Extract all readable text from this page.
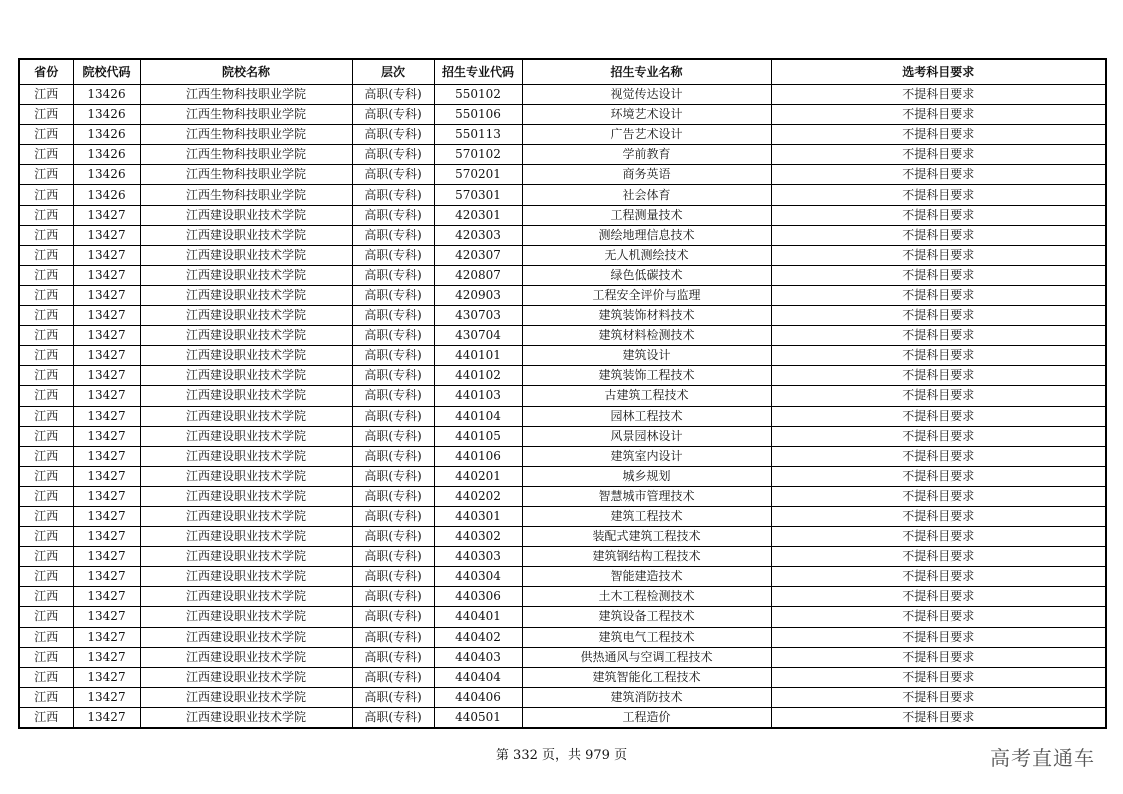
省份	院校代码	院校名称	层次	招生专业代码	招生专业名称	选考科目要求
江西	13426	江西生物科技职业学院	高职(专科)	550102	视觉传达设计	不提科目要求
江西	13426	江西生物科技职业学院	高职(专科)	550106	环境艺术设计	不提科目要求
江西	13426	江西生物科技职业学院	高职(专科)	550113	广告艺术设计	不提科目要求
江西	13426	江西生物科技职业学院	高职(专科)	570102	学前教育	不提科目要求
江西	13426	江西生物科技职业学院	高职(专科)	570201	商务英语	不提科目要求
江西	13426	江西生物科技职业学院	高职(专科)	570301	社会体育	不提科目要求
江西	13427	江西建设职业技术学院	高职(专科)	420301	工程测量技术	不提科目要求
江西	13427	江西建设职业技术学院	高职(专科)	420303	测绘地理信息技术	不提科目要求
江西	13427	江西建设职业技术学院	高职(专科)	420307	无人机测绘技术	不提科目要求
江西	13427	江西建设职业技术学院	高职(专科)	420807	绿色低碳技术	不提科目要求
江西	13427	江西建设职业技术学院	高职(专科)	420903	工程安全评价与监理	不提科目要求
江西	13427	江西建设职业技术学院	高职(专科)	430703	建筑装饰材料技术	不提科目要求
江西	13427	江西建设职业技术学院	高职(专科)	430704	建筑材料检测技术	不提科目要求
江西	13427	江西建设职业技术学院	高职(专科)	440101	建筑设计	不提科目要求
江西	13427	江西建设职业技术学院	高职(专科)	440102	建筑装饰工程技术	不提科目要求
江西	13427	江西建设职业技术学院	高职(专科)	440103	古建筑工程技术	不提科目要求
江西	13427	江西建设职业技术学院	高职(专科)	440104	园林工程技术	不提科目要求
江西	13427	江西建设职业技术学院	高职(专科)	440105	风景园林设计	不提科目要求
江西	13427	江西建设职业技术学院	高职(专科)	440106	建筑室内设计	不提科目要求
江西	13427	江西建设职业技术学院	高职(专科)	440201	城乡规划	不提科目要求
江西	13427	江西建设职业技术学院	高职(专科)	440202	智慧城市管理技术	不提科目要求
江西	13427	江西建设职业技术学院	高职(专科)	440301	建筑工程技术	不提科目要求
江西	13427	江西建设职业技术学院	高职(专科)	440302	装配式建筑工程技术	不提科目要求
江西	13427	江西建设职业技术学院	高职(专科)	440303	建筑钢结构工程技术	不提科目要求
江西	13427	江西建设职业技术学院	高职(专科)	440304	智能建造技术	不提科目要求
江西	13427	江西建设职业技术学院	高职(专科)	440306	土木工程检测技术	不提科目要求
江西	13427	江西建设职业技术学院	高职(专科)	440401	建筑设备工程技术	不提科目要求
江西	13427	江西建设职业技术学院	高职(专科)	440402	建筑电气工程技术	不提科目要求
江西	13427	江西建设职业技术学院	高职(专科)	440403	供热通风与空调工程技术	不提科目要求
江西	13427	江西建设职业技术学院	高职(专科)	440404	建筑智能化工程技术	不提科目要求
江西	13427	江西建设职业技术学院	高职(专科)	440406	建筑消防技术	不提科目要求
江西	13427	江西建设职业技术学院	高职(专科)	440501	工程造价	不提科目要求
第 332 页，共 979 页	高考直通车
